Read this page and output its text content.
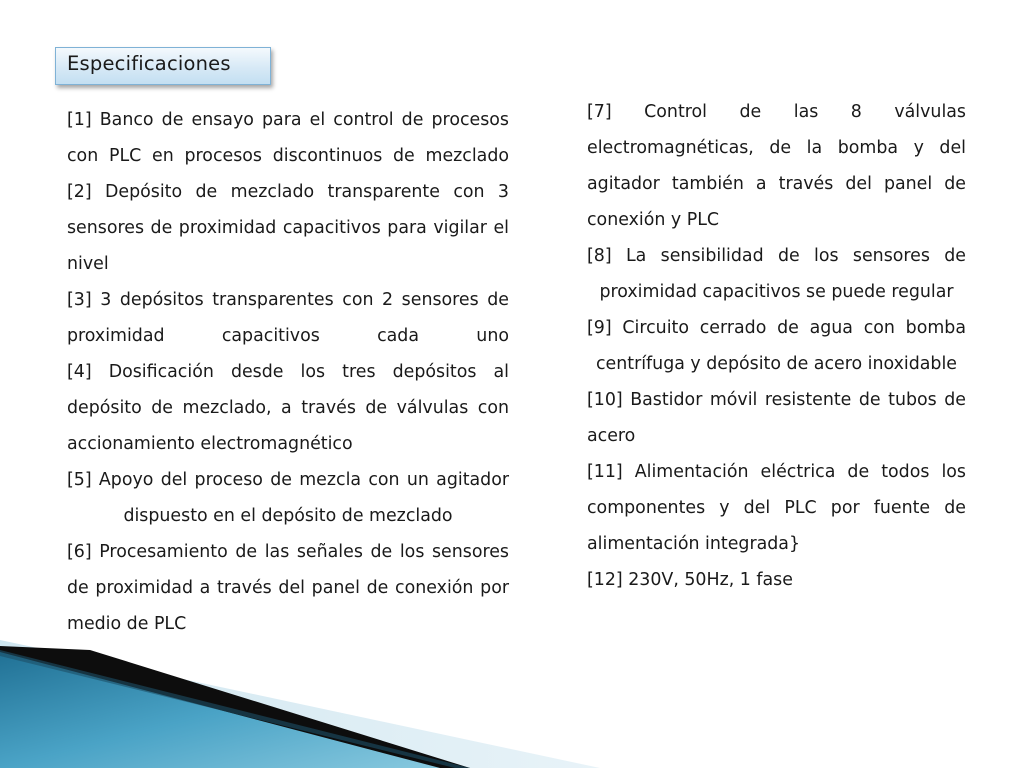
Especificaciones

[1] Banco de ensayo para el control de procesos con PLC en procesos discontinuos de mezclado

[2] Depósito de mezclado transparente con 3 sensores de proximidad capacitivos para vigilar el nivel

[3] 3 depósitos transparentes con 2 sensores de proximidad capacitivos cada uno

[4] Dosificación desde los tres depósitos al depósito de mezclado, a través de válvulas con accionamiento electromagnético

[5] Apoyo del proceso de mezcla con un agitador dispuesto en el depósito de mezclado

[6] Procesamiento de las señales de los sensores de proximidad a través del panel de conexión por medio de PLC

[7] Control de las 8 válvulas electromagnéticas, de la bomba y del agitador también a través del panel de conexión y PLC

[8] La sensibilidad de los sensores de proximidad capacitivos se puede regular

[9] Circuito cerrado de agua con bomba centrífuga y depósito de acero inoxidable

[10] Bastidor móvil resistente de tubos de acero

[11] Alimentación eléctrica de todos los componentes y del PLC por fuente de alimentación integrada}

[12] 230V, 50Hz, 1 fase
